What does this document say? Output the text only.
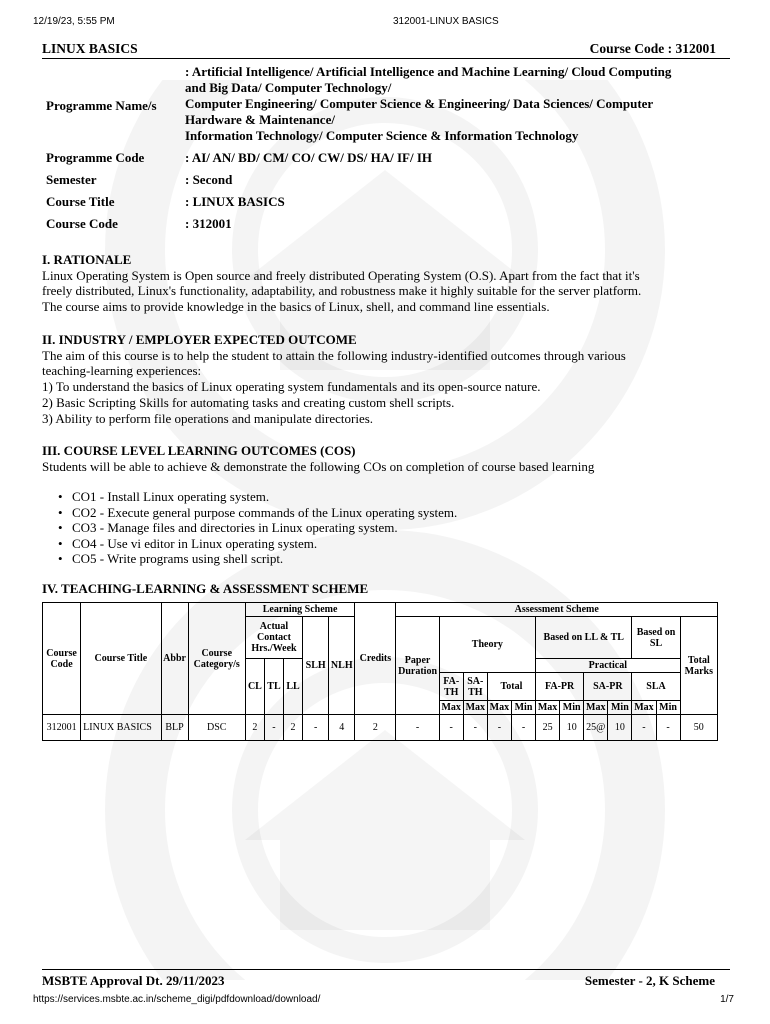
12/19/23, 5:55 PM	312001-LINUX BASICS
LINUX BASICS	Course Code : 312001
Programme Name/s
: Artificial Intelligence/ Artificial Intelligence and Machine Learning/ Cloud Computing
and Big Data/ Computer Technology/
Computer Engineering/ Computer Science & Engineering/ Data Sciences/ Computer
Hardware & Maintenance/
Information Technology/ Computer Science & Information Technology
Programme Code	: AI/ AN/ BD/ CM/ CO/ CW/ DS/ HA/ IF/ IH
Semester	: Second
Course Title	: LINUX BASICS
Course Code	: 312001
I. RATIONALE

Linux Operating System is Open source and freely distributed Operating System (O.S). Apart from the fact that it's

freely distributed, Linux's functionality, adaptability, and robustness make it highly suitable for the server platform.

The course aims to provide knowledge in the basics of Linux, shell, and command line essentials.

II. INDUSTRY / EMPLOYER EXPECTED OUTCOME

The aim of this course is to help the student to attain the following industry-identified outcomes through various

teaching-learning experiences:

1) To understand the basics of Linux operating system fundamentals and its open-source nature.

2) Basic Scripting Skills for automating tasks and creating custom shell scripts.

3) Ability to perform file operations and manipulate directories.

III. COURSE LEVEL LEARNING OUTCOMES (COS)

Students will be able to achieve & demonstrate the following COs on completion of course based learning

• CO1 - Install Linux operating system.
• CO2 - Execute general purpose commands of the Linux operating system.
• CO3 - Manage files and directories in Linux operating system.
• CO4 - Use vi editor in Linux operating system.
• CO5 - Write programs using shell script.
IV. TEACHING-LEARNING & ASSESSMENT SCHEME
Course Code	Course Title	Abbr	Course Category/s	Learning Scheme					Credits	Assessment Scheme											
				Actual Contact Hrs./Week			SLH	NLH		Paper Duration	Theory				Based on LL & TL				Based on SL		Total Marks
				CL	TL	LL									Practical						
											FA-TH	SA-TH	Total		FA-PR		SA-PR		SLA		

											Max	Max	Max	Min	Max	Min	Max	Min	Max	Min	
312001	LINUX BASICS	BLP	DSC	2	-	2	-	4	2	-	-	-	-	-	25	10	25@	10	-	-	50
MSBTE Approval Dt. 29/11/2023	Semester - 2, K Scheme
https://services.msbte.ac.in/scheme_digi/pdfdownload/download/	1/7
